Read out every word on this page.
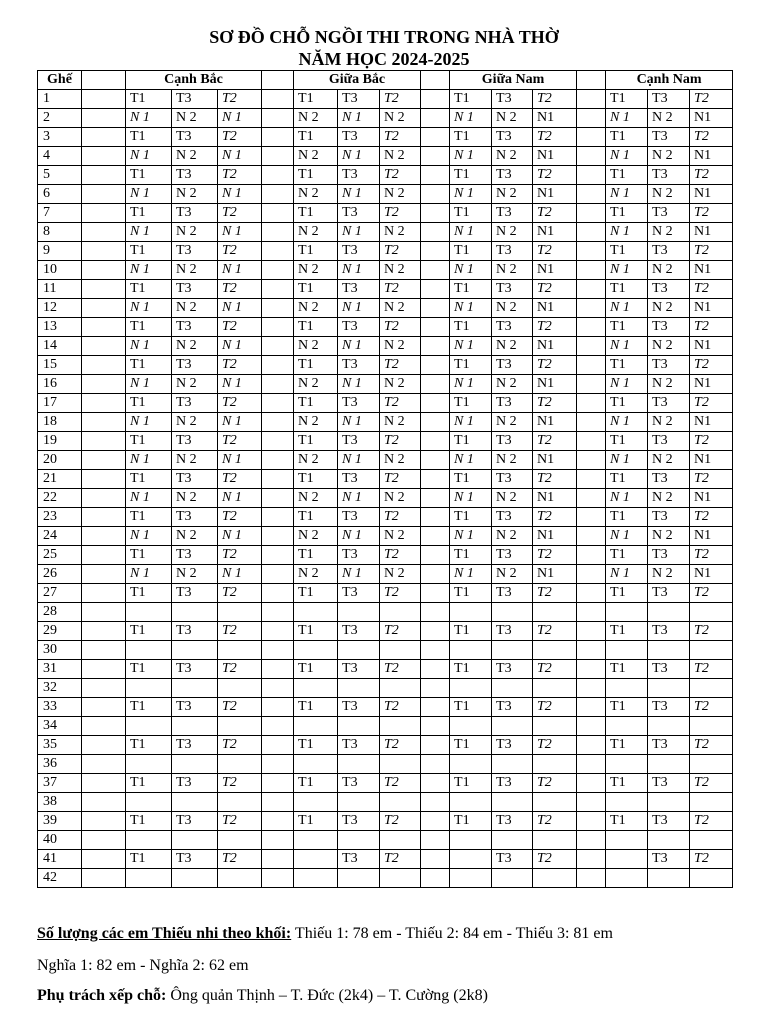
SƠ ĐỒ CHỖ NGỒI THI TRONG NHÀ THỜ
NĂM HỌC 2024-2025
Ghế		Cạnh Bắc				Giữa Bắc				Giữa Nam				Cạnh Nam		
1		T1	T3	T2		T1	T3	T2		T1	T3	T2		T1	T3	T2
2		N 1	N 2	N 1		N 2	N 1	N 2		N 1	N 2	N1		N 1	N 2	N1
3		T1	T3	T2		T1	T3	T2		T1	T3	T2		T1	T3	T2
4		N 1	N 2	N 1		N 2	N 1	N 2		N 1	N 2	N1		N 1	N 2	N1
5		T1	T3	T2		T1	T3	T2		T1	T3	T2		T1	T3	T2
6		N 1	N 2	N 1		N 2	N 1	N 2		N 1	N 2	N1		N 1	N 2	N1
7		T1	T3	T2		T1	T3	T2		T1	T3	T2		T1	T3	T2
8		N 1	N 2	N 1		N 2	N 1	N 2		N 1	N 2	N1		N 1	N 2	N1
9		T1	T3	T2		T1	T3	T2		T1	T3	T2		T1	T3	T2
10		N 1	N 2	N 1		N 2	N 1	N 2		N 1	N 2	N1		N 1	N 2	N1
11		T1	T3	T2		T1	T3	T2		T1	T3	T2		T1	T3	T2
12		N 1	N 2	N 1		N 2	N 1	N 2		N 1	N 2	N1		N 1	N 2	N1
13		T1	T3	T2		T1	T3	T2		T1	T3	T2		T1	T3	T2
14		N 1	N 2	N 1		N 2	N 1	N 2		N 1	N 2	N1		N 1	N 2	N1
15		T1	T3	T2		T1	T3	T2		T1	T3	T2		T1	T3	T2
16		N 1	N 2	N 1		N 2	N 1	N 2		N 1	N 2	N1		N 1	N 2	N1
17		T1	T3	T2		T1	T3	T2		T1	T3	T2		T1	T3	T2
18		N 1	N 2	N 1		N 2	N 1	N 2		N 1	N 2	N1		N 1	N 2	N1
19		T1	T3	T2		T1	T3	T2		T1	T3	T2		T1	T3	T2
20		N 1	N 2	N 1		N 2	N 1	N 2		N 1	N 2	N1		N 1	N 2	N1
21		T1	T3	T2		T1	T3	T2		T1	T3	T2		T1	T3	T2
22		N 1	N 2	N 1		N 2	N 1	N 2		N 1	N 2	N1		N 1	N 2	N1
23		T1	T3	T2		T1	T3	T2		T1	T3	T2		T1	T3	T2
24		N 1	N 2	N 1		N 2	N 1	N 2		N 1	N 2	N1		N 1	N 2	N1
25		T1	T3	T2		T1	T3	T2		T1	T3	T2		T1	T3	T2
26		N 1	N 2	N 1		N 2	N 1	N 2		N 1	N 2	N1		N 1	N 2	N1
27		T1	T3	T2		T1	T3	T2		T1	T3	T2		T1	T3	T2
28																
29		T1	T3	T2		T1	T3	T2		T1	T3	T2		T1	T3	T2
30																
31		T1	T3	T2		T1	T3	T2		T1	T3	T2		T1	T3	T2
32																
33		T1	T3	T2		T1	T3	T2		T1	T3	T2		T1	T3	T2
34																
35		T1	T3	T2		T1	T3	T2		T1	T3	T2		T1	T3	T2
36																
37		T1	T3	T2		T1	T3	T2		T1	T3	T2		T1	T3	T2
38																
39		T1	T3	T2		T1	T3	T2		T1	T3	T2		T1	T3	T2
40																
41		T1	T3	T2			T3	T2			T3	T2			T3	T2
42																
Số lượng các em Thiếu nhi theo khối: Thiếu 1: 78 em - Thiếu 2: 84 em - Thiếu 3: 81 em
Nghĩa 1: 82 em - Nghĩa 2: 62 em
Phụ trách xếp chỗ: Ông quản Thịnh – T. Đức (2k4) – T. Cường (2k8)
